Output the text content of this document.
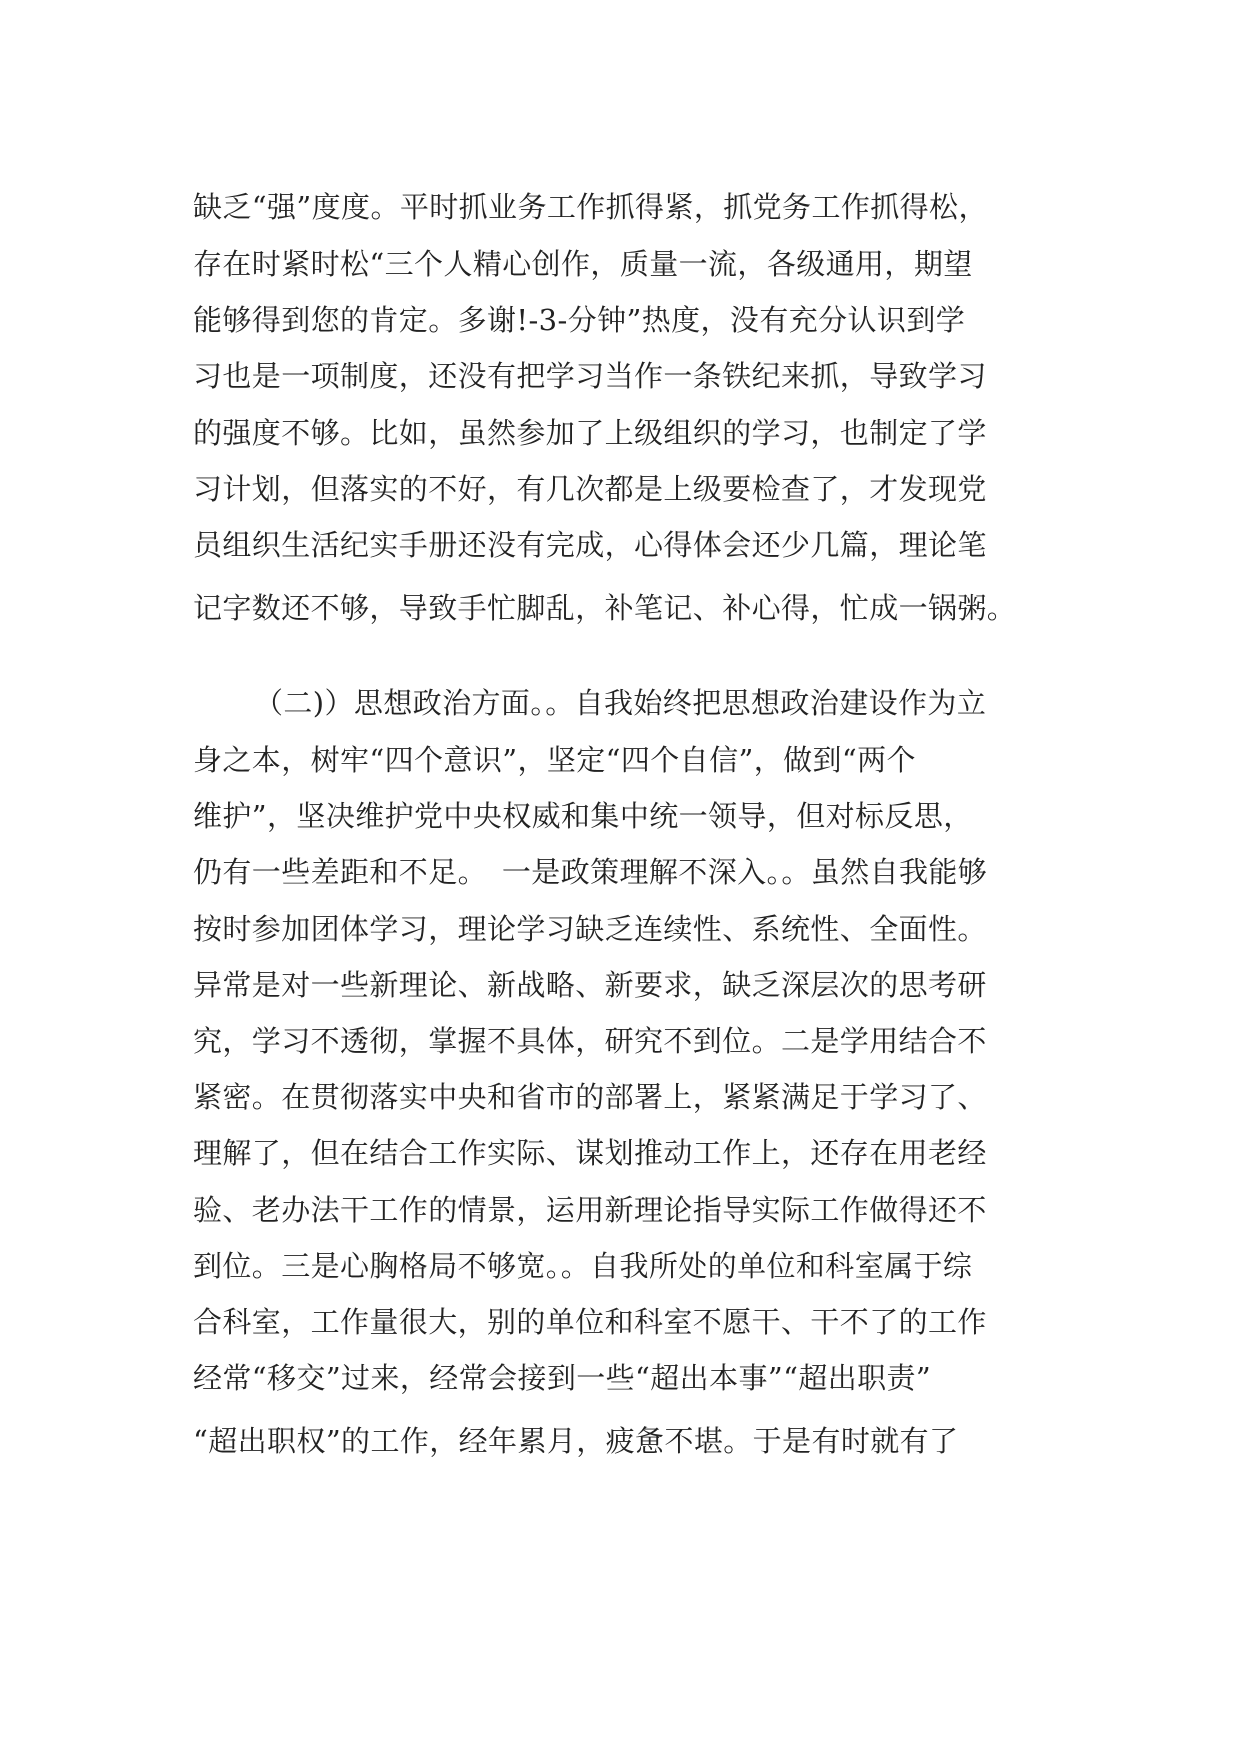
缺乏“强”度度。平时抓业务工作抓得紧，抓党务工作抓得松，
存在时紧时松“三个人精心创作，质量一流，各级通用，期望
能够得到您的肯定。多谢!-3-分钟”热度，没有充分认识到学
习也是一项制度，还没有把学习当作一条铁纪来抓，导致学习
的强度不够。比如，虽然参加了上级组织的学习，也制定了学
习计划，但落实的不好，有几次都是上级要检查了，才发现党
员组织生活纪实手册还没有完成，心得体会还少几篇，理论笔
记字数还不够，导致手忙脚乱，补笔记、补心得，忙成一锅粥。
（二)）思想政治方面。。自我始终把思想政治建设作为立
身之本，树牢“四个意识”，坚定“四个自信”，做到“两个
维护”，坚决维护党中央权威和集中统一领导，但对标反思，
仍有一些差距和不足。　一是政策理解不深入。。虽然自我能够
按时参加团体学习，理论学习缺乏连续性、系统性、全面性。
异常是对一些新理论、新战略、新要求，缺乏深层次的思考研
究，学习不透彻，掌握不具体，研究不到位。二是学用结合不
紧密。在贯彻落实中央和省市的部署上，紧紧满足于学习了、
理解了，但在结合工作实际、谋划推动工作上，还存在用老经
验、老办法干工作的情景，运用新理论指导实际工作做得还不
到位。三是心胸格局不够宽。。自我所处的单位和科室属于综
合科室，工作量很大，别的单位和科室不愿干、干不了的工作
经常“移交”过来，经常会接到一些“超出本事”“超出职责”
“超出职权”的工作，经年累月，疲惫不堪。于是有时就有了
